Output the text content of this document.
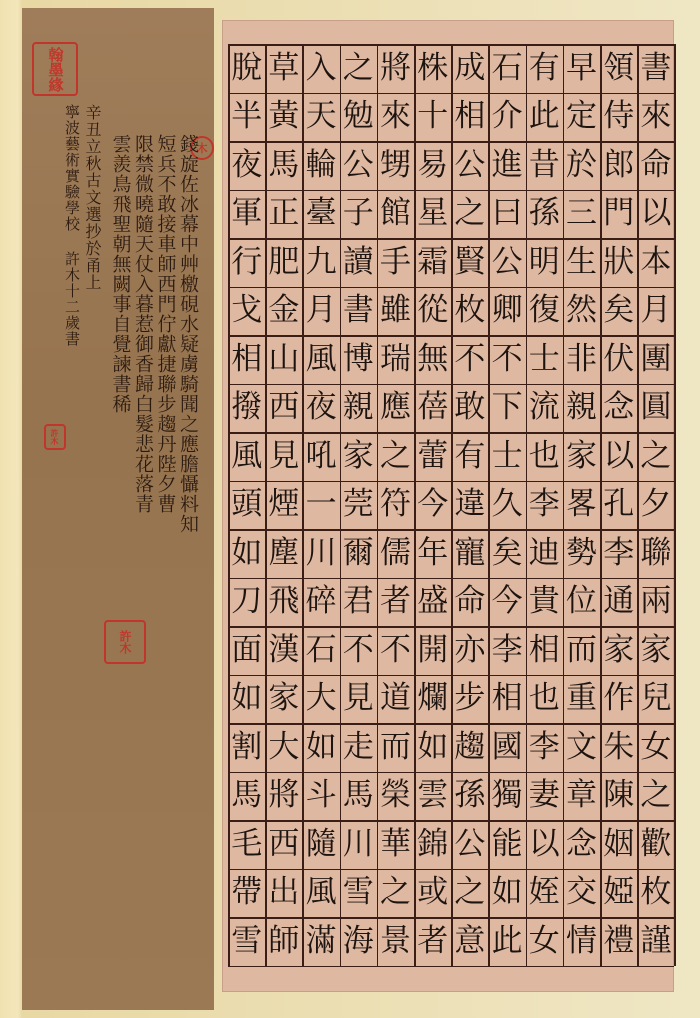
翰墨緣
木
錢旋佐冰幕中艸檄硯水疑虜騎聞之應膽懾料知
短兵不敢接車師西門佇獻捷聯步趨丹陛夕曹
限禁微曉隨天仗入暮惹御香歸白髮悲花落青
雲羨鳥飛聖朝無闕事自覺諫書稀
辛丑立秋古文選抄於甬上
寧波藝術實驗學校 許木十二歲書
許木
許木
書
來
命
以
本
月
團
圓
之
夕
聯
兩
家
兒
女
之
歡
枚
謹
領
侍
郎
門
狀
矣
伏
念
以
孔
李
通
家
作
朱
陳
姻
婭
禮
早
定
於
三
生
然
非
親
家
畧
勢
位
而
重
文
章
念
交
情
有
此
昔
孫
明
復
士
流
也
李
迪
貴
相
也
李
妻
以
姪
女
石
介
進
曰
公
卿
不
下
士
久
矣
今
李
相
國
獨
能
如
此
成
相
公
之
賢
枚
不
敢
有
違
寵
命
亦
步
趨
孫
公
之
意
株
十
易
星
霜
從
無
蓓
蕾
今
年
盛
開
爛
如
雲
錦
或
者
將
來
甥
館
手
雖
瑞
應
之
符
儒
者
不
道
而
榮
華
之
景
之
勉
公
子
讀
書
博
親
家
莞
爾
君
不
見
走
馬
川
雪
海
入
天
輪
臺
九
月
風
夜
吼
一
川
碎
石
大
如
斗
隨
風
滿
草
黃
馬
正
肥
金
山
西
見
煙
塵
飛
漢
家
大
將
西
出
師
脫
半
夜
軍
行
戈
相
撥
風
頭
如
刀
面
如
割
馬
毛
帶
雪
